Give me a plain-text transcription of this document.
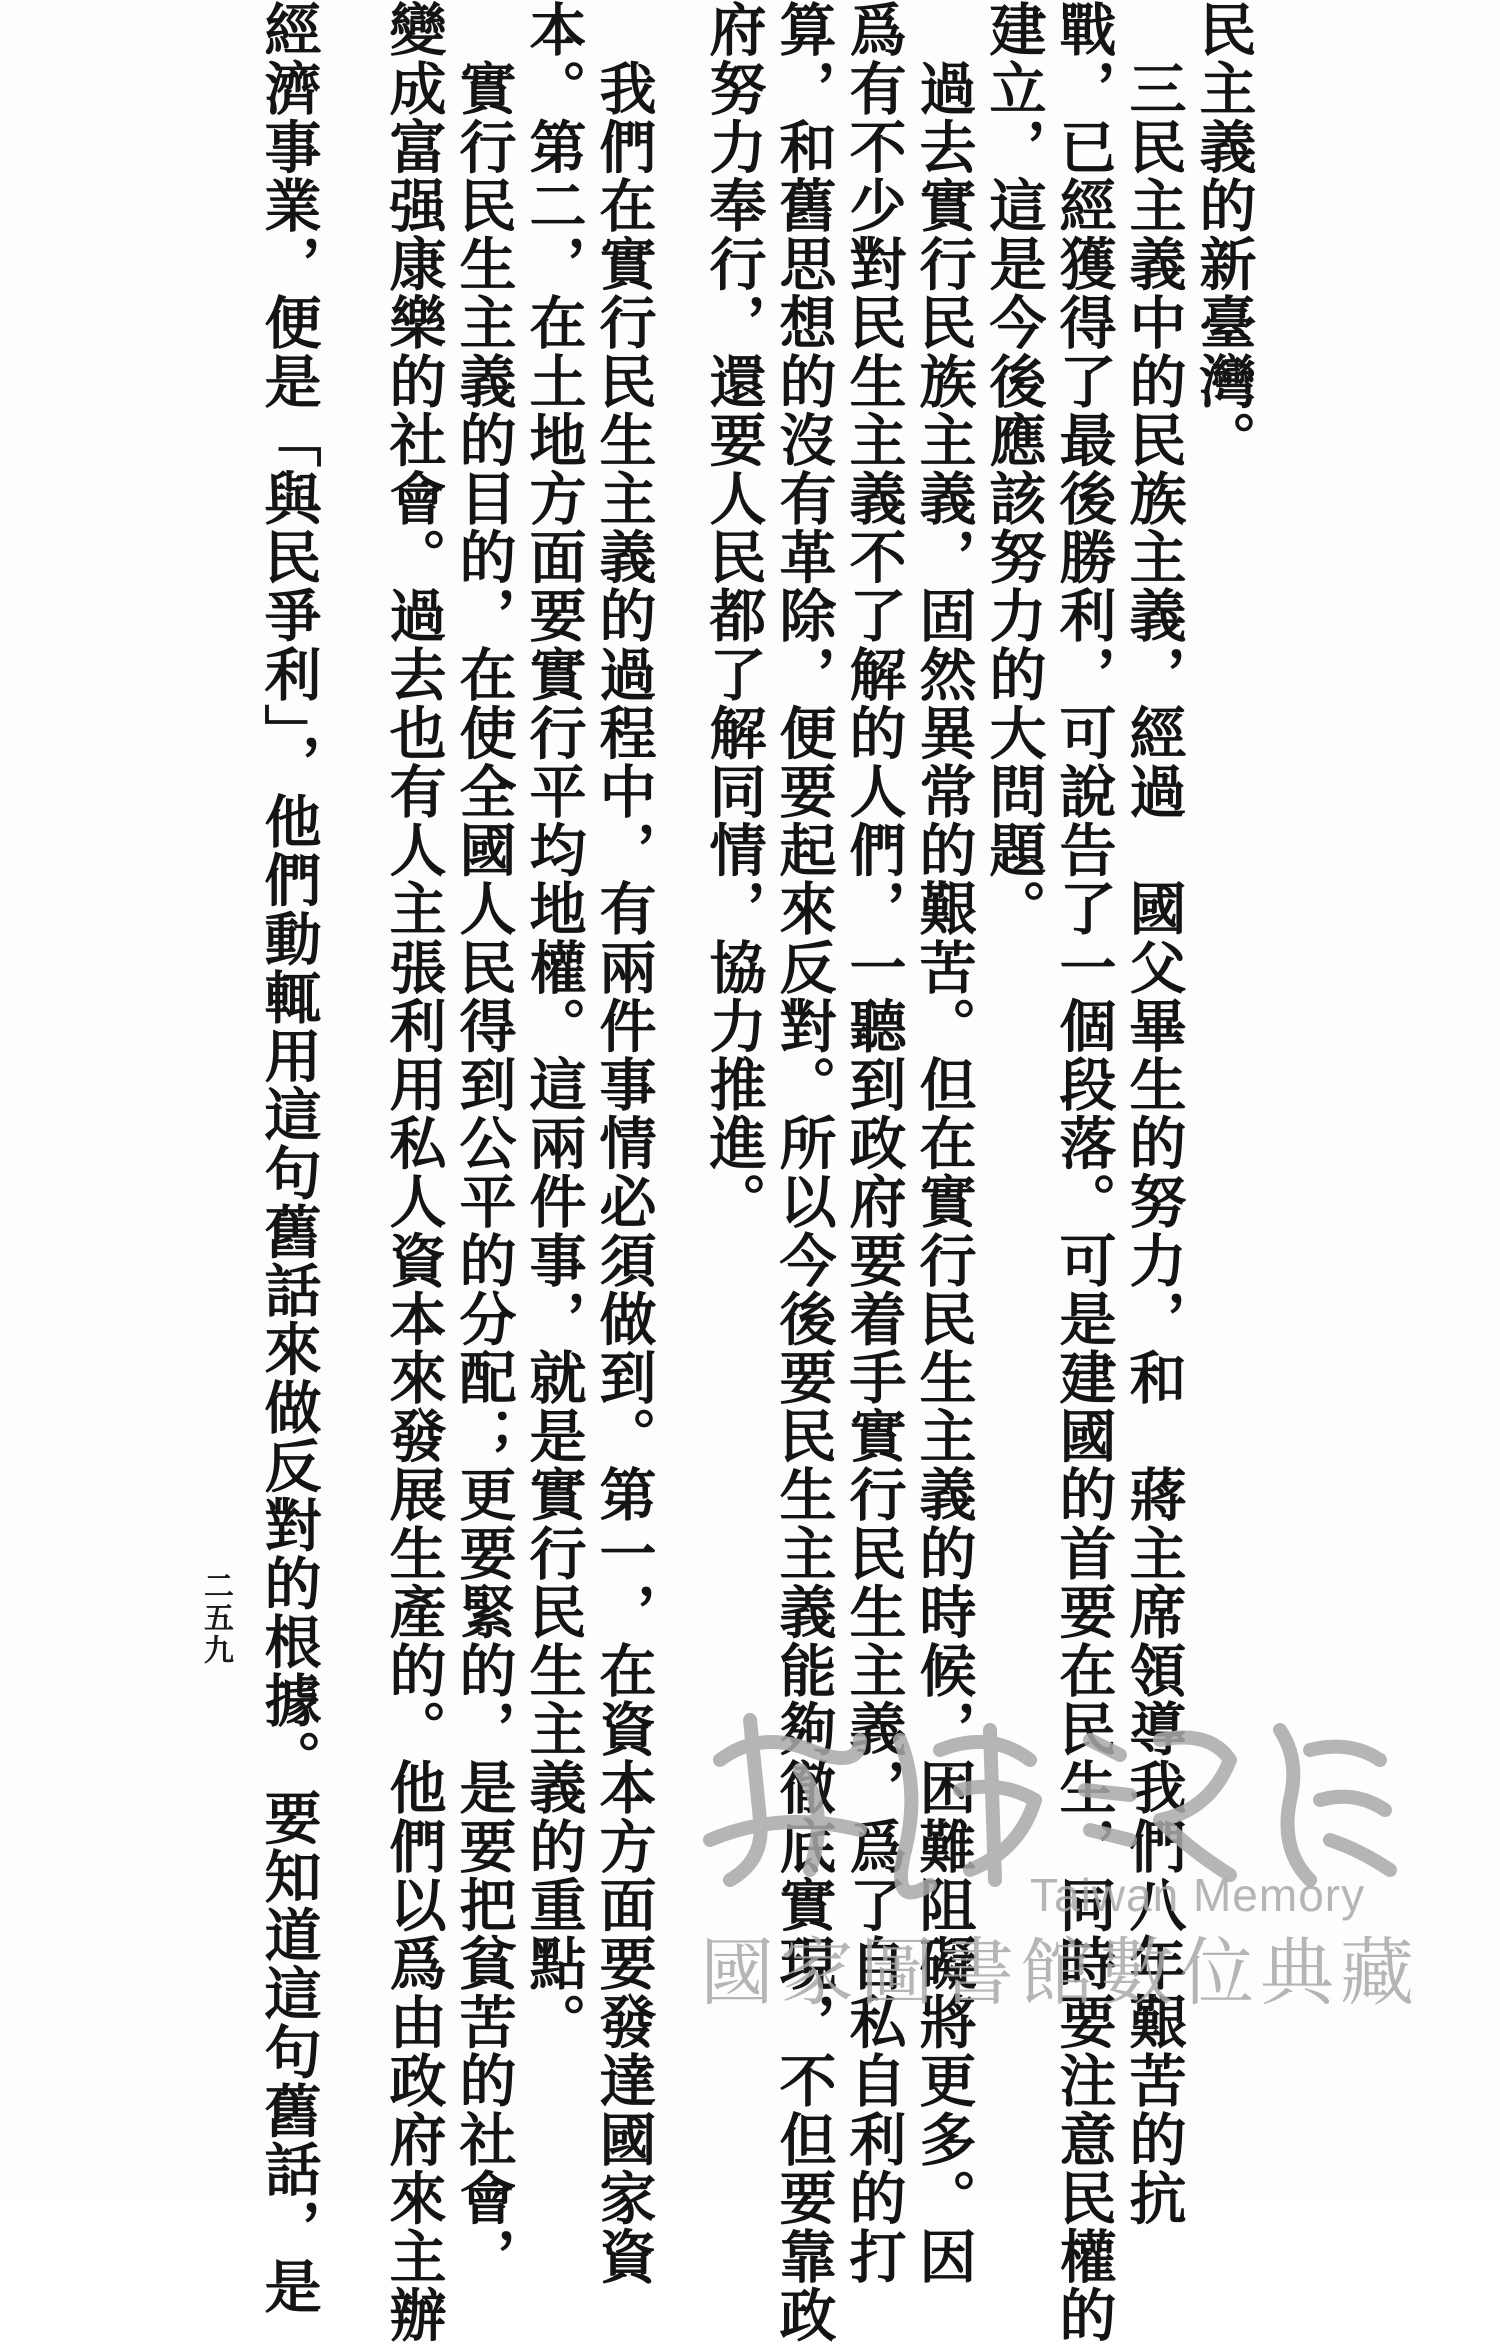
民主義的新臺灣。
　三民主義中的民族主義，經過　國父畢生的努力，和　蔣主席領導我們八年艱苦的抗
戰，已經獲得了最後勝利，可說告了一個段落。可是建國的首要在民生，同時要注意民權的
建立，這是今後應該努力的大問題。
　過去實行民族主義，固然異常的艱苦。但在實行民生主義的時候，困難阻礙將更多。因
爲有不少對民生主義不了解的人們，一聽到政府要着手實行民生主義，爲了自私自利的打
算，和舊思想的沒有革除，便要起來反對。所以今後要民生主義能夠徹底實現，不但要靠政
府努力奉行，還要人民都了解同情，協力推進。
　我們在實行民生主義的過程中，有兩件事情必須做到。第一，在資本方面要發達國家資
本。第二，在土地方面要實行平均地權。這兩件事，就是實行民生主義的重點。
　實行民生主義的目的，在使全國人民得到公平的分配；更要緊的，是要把貧苦的社會，
變成富强康樂的社會。過去也有人主張利用私人資本來發展生產的。他們以爲由政府來主辦
經濟事業，便是「與民爭利」，他們動輒用這句舊話來做反對的根據。要知道這句舊話，是
二五九
Taiwan Memory
國家圖書館數位典藏
